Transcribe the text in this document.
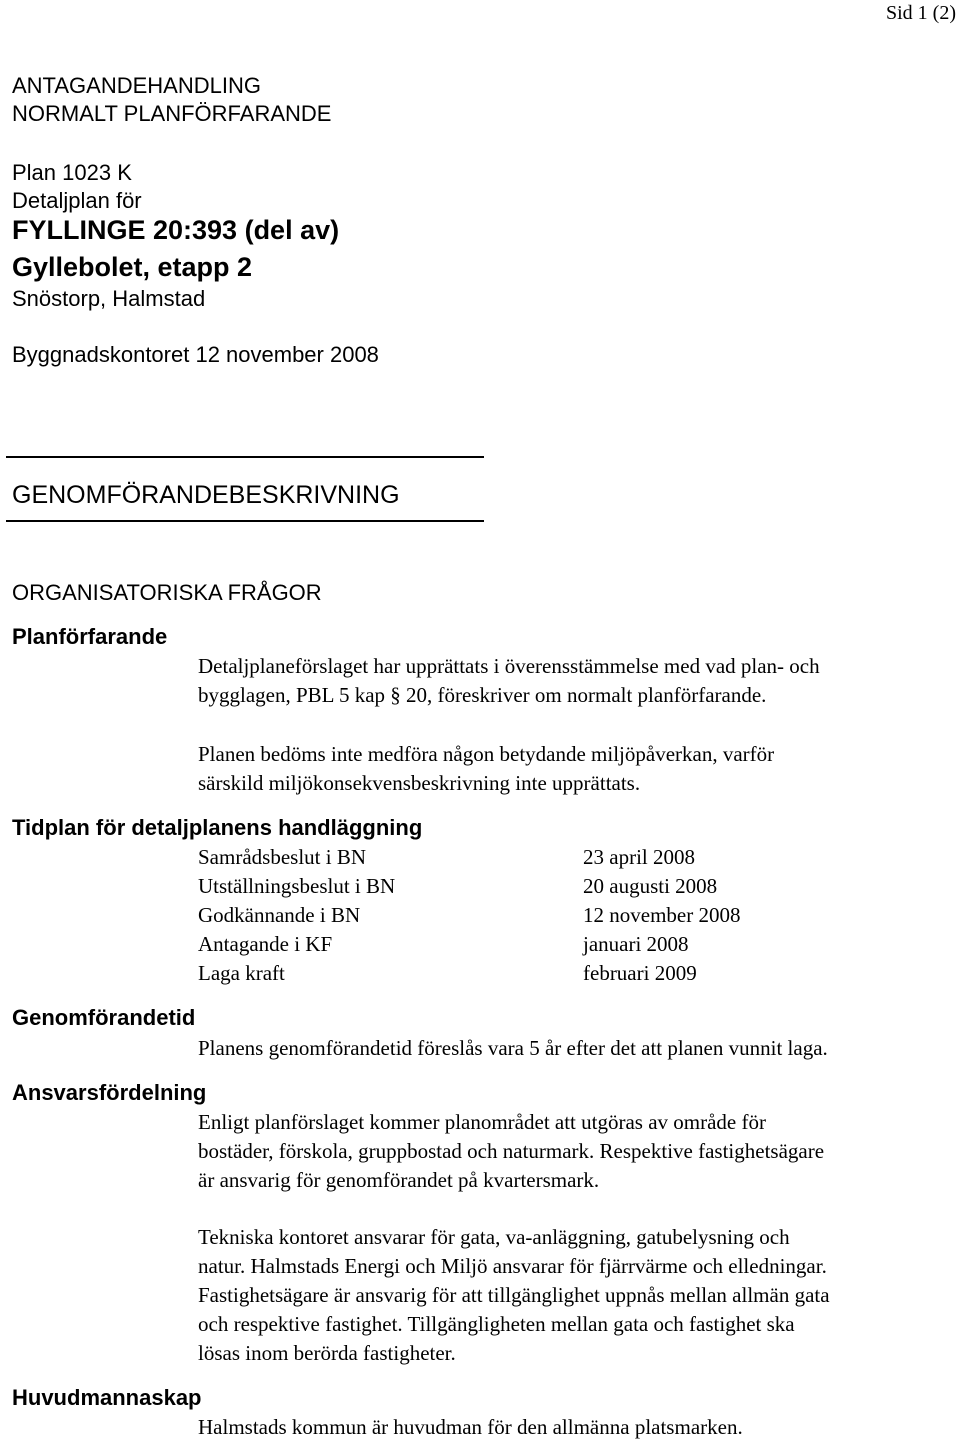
Sid 1 (2)
ANTAGANDEHANDLING
NORMALT PLANFÖRFARANDE
Plan 1023 K
Detaljplan för
FYLLINGE 20:393 (del av)
Gyllebolet, etapp 2
Snöstorp, Halmstad
Byggnadskontoret 12 november 2008
GENOMFÖRANDEBESKRIVNING
ORGANISATORISKA FRÅGOR
Planförfarande
Detaljplaneförslaget har upprättats i överensstämmelse med vad plan- och
bygglagen, PBL 5 kap § 20, föreskriver om normalt planförfarande.
Planen bedöms inte medföra någon betydande miljöpåverkan, varför
särskild miljökonsekvensbeskrivning inte upprättats.
Tidplan för detaljplanens handläggning
Samrådsbeslut i BN	23 april 2008
Utställningsbeslut i BN	20 augusti 2008
Godkännande i BN	12 november 2008
Antagande i KF	januari 2008
Laga kraft	februari 2009
Genomförandetid
Planens genomförandetid föreslås vara 5 år efter det att planen vunnit laga.
Ansvarsfördelning
Enligt planförslaget kommer planområdet att utgöras av område för
bostäder, förskola, gruppbostad och naturmark. Respektive fastighetsägare
är ansvarig för genomförandet på kvartersmark.
Tekniska kontoret ansvarar för gata, va-anläggning, gatubelysning och
natur. Halmstads Energi och Miljö ansvarar för fjärrvärme och elledningar.
Fastighetsägare är ansvarig för att tillgänglighet uppnås mellan allmän gata
och respektive fastighet. Tillgängligheten mellan gata och fastighet ska
lösas inom berörda fastigheter.
Huvudmannaskap
Halmstads kommun är huvudman för den allmänna platsmarken.
